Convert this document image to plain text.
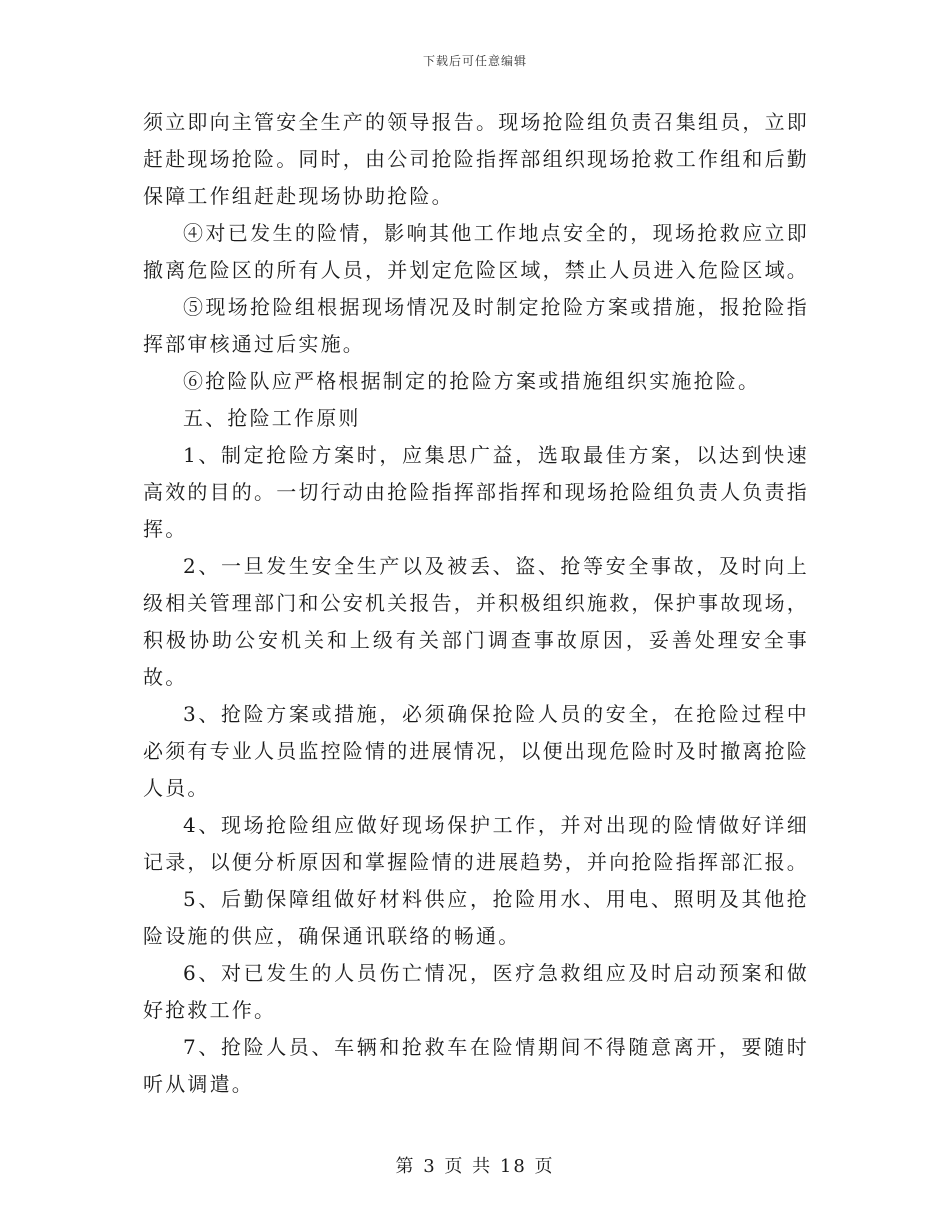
下载后可任意编辑

须立即向主管安全生产的领导报告。现场抢险组负责召集组员，立即赶赴现场抢险。同时，由公司抢险指挥部组织现场抢救工作组和后勤保障工作组赶赴现场协助抢险。

④对已发生的险情，影响其他工作地点安全的，现场抢救应立即撤离危险区的所有人员，并划定危险区域，禁止人员进入危险区域。

⑤现场抢险组根据现场情况及时制定抢险方案或措施，报抢险指挥部审核通过后实施。

⑥抢险队应严格根据制定的抢险方案或措施组织实施抢险。

五、抢险工作原则

1、制定抢险方案时，应集思广益，选取最佳方案，以达到快速高效的目的。一切行动由抢险指挥部指挥和现场抢险组负责人负责指挥。

2、一旦发生安全生产以及被丢、盗、抢等安全事故，及时向上级相关管理部门和公安机关报告，并积极组织施救，保护事故现场，积极协助公安机关和上级有关部门调查事故原因，妥善处理安全事故。

3、抢险方案或措施，必须确保抢险人员的安全，在抢险过程中必须有专业人员监控险情的进展情况，以便出现危险时及时撤离抢险人员。

4、现场抢险组应做好现场保护工作，并对出现的险情做好详细记录，以便分析原因和掌握险情的进展趋势，并向抢险指挥部汇报。

5、后勤保障组做好材料供应，抢险用水、用电、照明及其他抢险设施的供应，确保通讯联络的畅通。

6、对已发生的人员伤亡情况，医疗急救组应及时启动预案和做好抢救工作。

7、抢险人员、车辆和抢救车在险情期间不得随意离开，要随时听从调遣。

第 3 页 共 18 页
